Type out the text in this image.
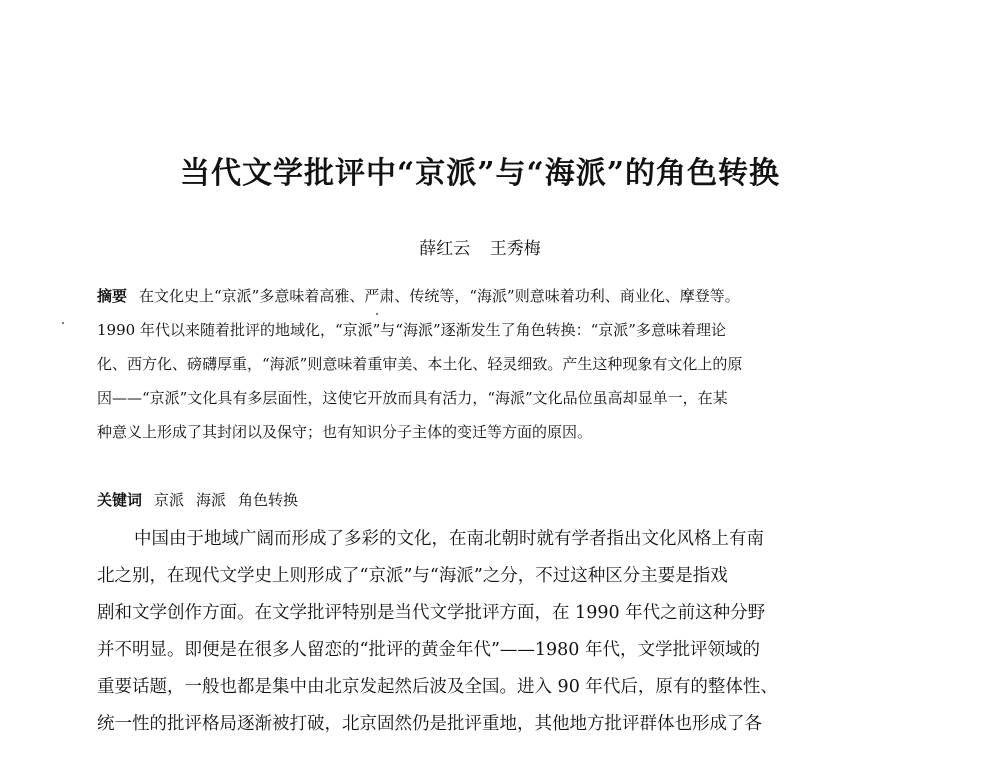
当代文学批评中“京派”与“海派”的角色转换
薛红云 王秀梅
摘要 在文化史上“京派”多意味着高雅、严肃、传统等，“海派”则意味着功利、商业化、摩登等。
1990 年代以来随着批评的地域化，“京派”与“海派”逐渐发生了角色转换：“京派”多意味着理论
化、西方化、磅礴厚重，“海派”则意味着重审美、本土化、轻灵细致。产生这种现象有文化上的原
因——“京派”文化具有多层面性，这使它开放而具有活力，“海派”文化品位虽高却显单一，在某
种意义上形成了其封闭以及保守；也有知识分子主体的变迁等方面的原因。
关键词 京派 海派 角色转换
中国由于地域广阔而形成了多彩的文化，在南北朝时就有学者指出文化风格上有南
北之别，在现代文学史上则形成了“京派”与“海派”之分，不过这种区分主要是指戏
剧和文学创作方面。在文学批评特别是当代文学批评方面，在 1990 年代之前这种分野
并不明显。即便是在很多人留恋的“批评的黄金年代”——1980 年代，文学批评领域的
重要话题，一般也都是集中由北京发起然后波及全国。进入 90 年代后，原有的整体性、
统一性的批评格局逐渐被打破，北京固然仍是批评重地，其他地方批评群体也形成了各
